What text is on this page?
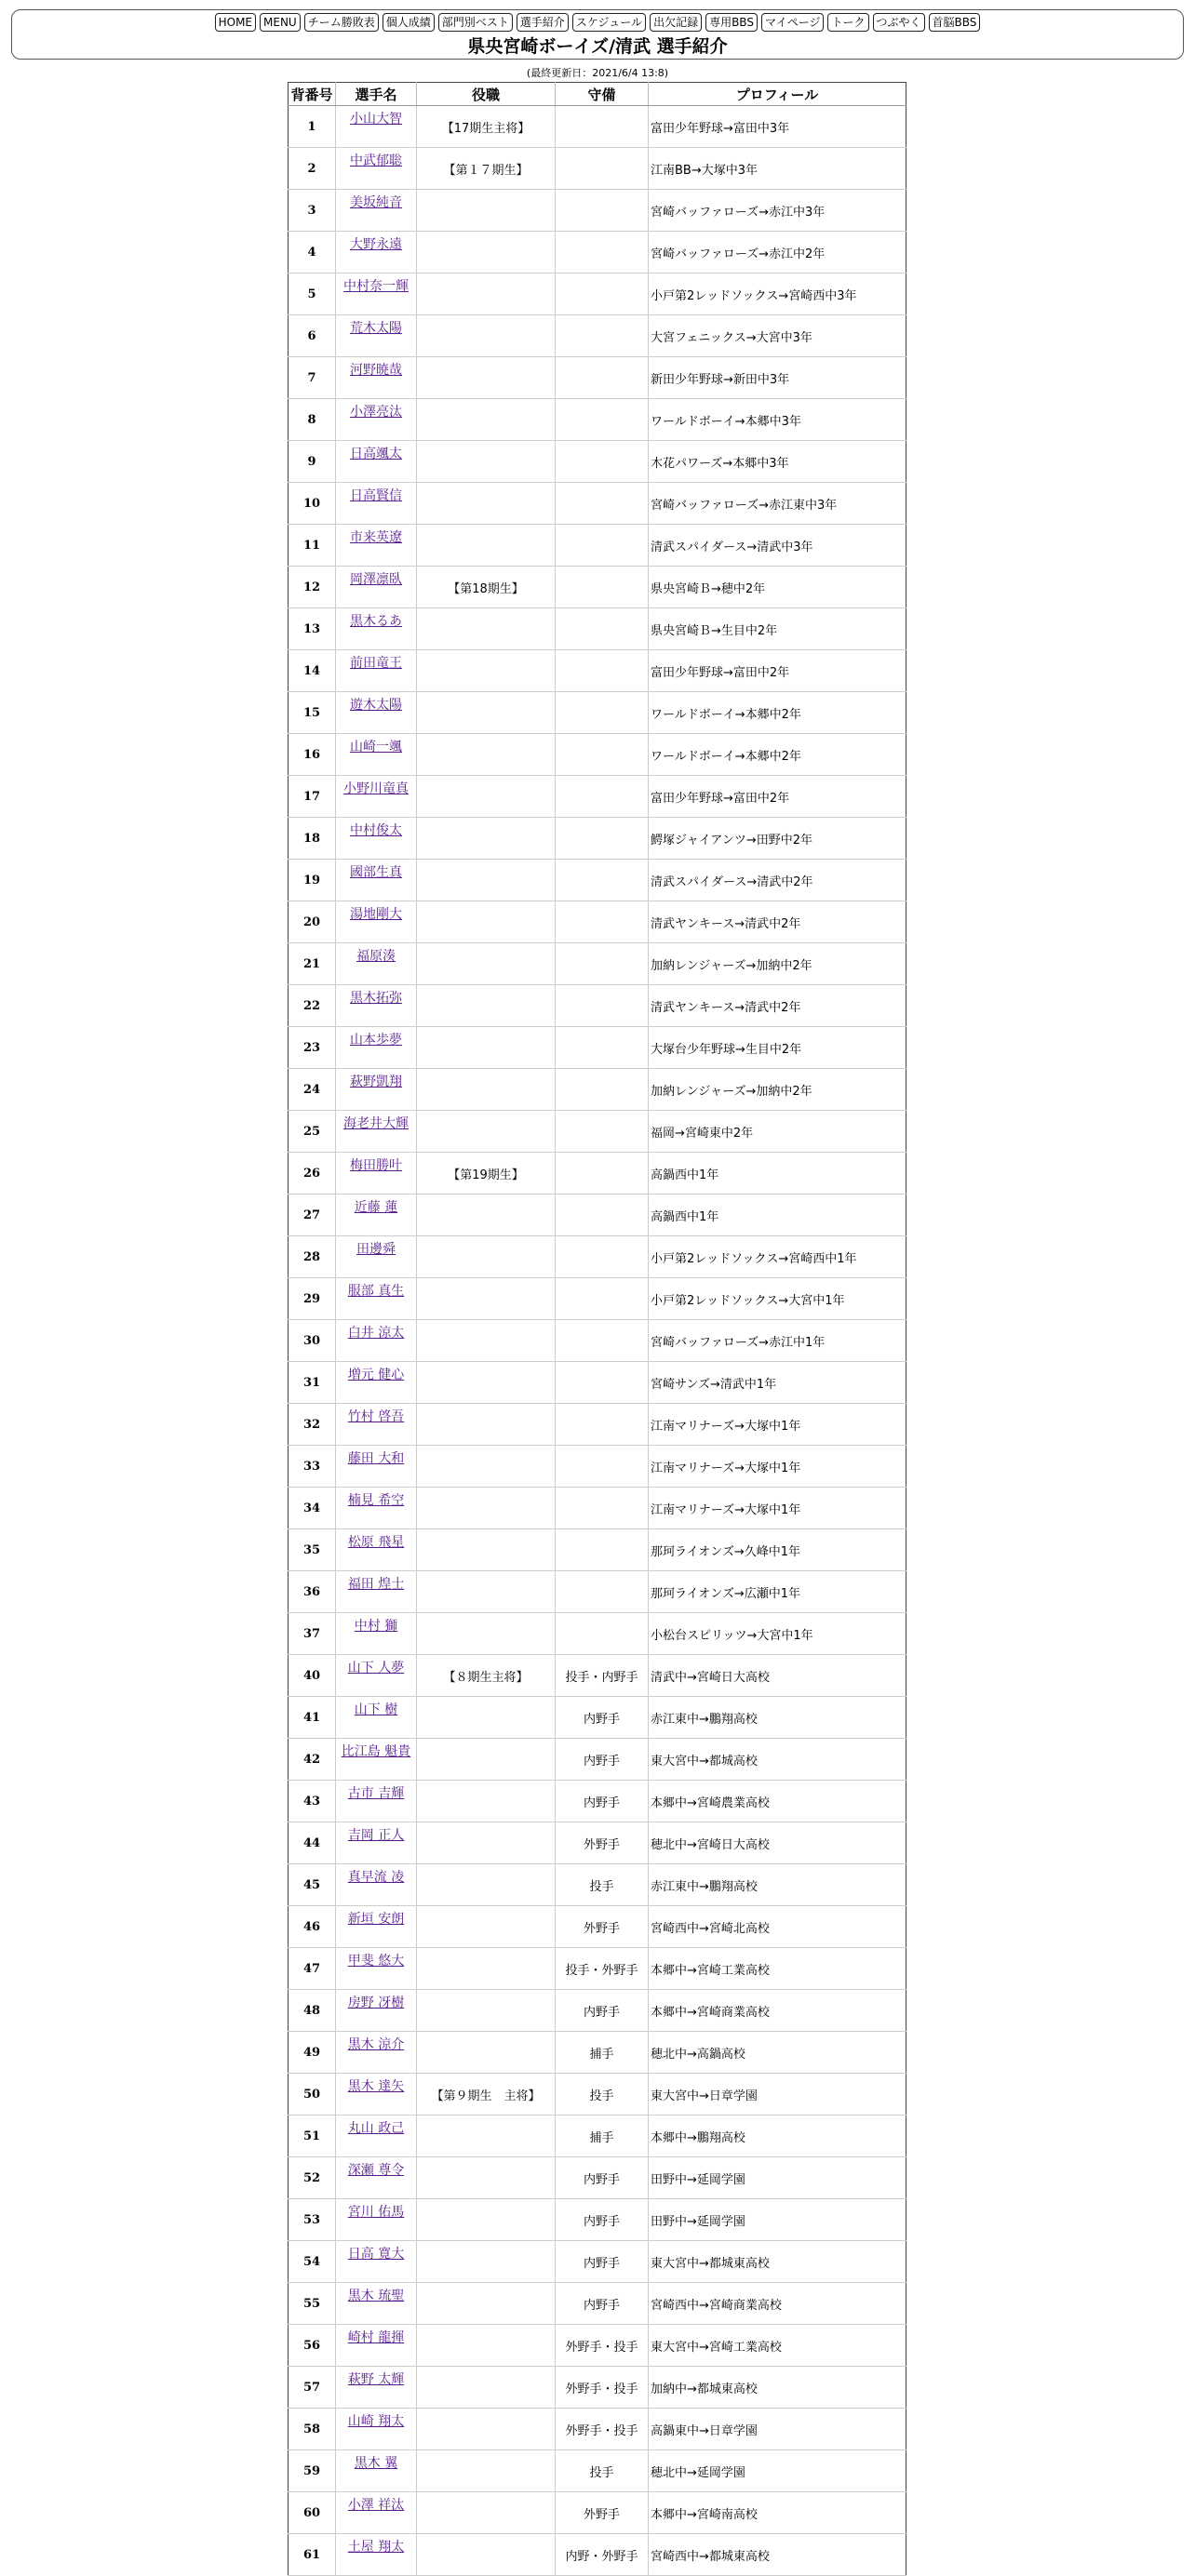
HOME MENU チーム勝敗表 個人成績 部門別ベスト 選手紹介 スケジュール 出欠記録 専用BBS マイページ トーク つぶやく 首脳BBS
県央宮崎ボーイズ/清武 選手紹介
(最終更新日：2021/6/4 13:8)
背番号	選手名	役職	守備	プロフィール
1	小山大智	【17期生主将】		富田少年野球→富田中3年
2	中武郁聡	【第１７期生】		江南BB→大塚中3年
3	美坂純音			宮崎バッファローズ→赤江中3年
4	大野永遠			宮崎バッファローズ→赤江中2年
5	中村奈一輝			小戸第2レッドソックス→宮崎西中3年
6	荒木太陽			大宮フェニックス→大宮中3年
7	河野暁哉			新田少年野球→新田中3年
8	小澤亮汰			ワールドボーイ→本郷中3年
9	日高颯太			木花パワーズ→本郷中3年
10	日高賢信			宮崎バッファローズ→赤江東中3年
11	市来英遼			清武スパイダース→清武中3年
12	岡澤凛臥	【第18期生】		県央宮崎Ｂ→穂中2年
13	黒木るあ			県央宮崎Ｂ→生目中2年
14	前田竜王			富田少年野球→富田中2年
15	遊木太陽			ワールドボーイ→本郷中2年
16	山崎一颯			ワールドボーイ→本郷中2年
17	小野川竜真			富田少年野球→富田中2年
18	中村俊太			鰐塚ジャイアンツ→田野中2年
19	國部生真			清武スパイダース→清武中2年
20	湯地剛大			清武ヤンキース→清武中2年
21	福原湊			加納レンジャーズ→加納中2年
22	黒木拓弥			清武ヤンキース→清武中2年
23	山本歩夢			大塚台少年野球→生目中2年
24	萩野凱翔			加納レンジャーズ→加納中2年
25	海老井大輝			福岡→宮崎東中2年
26	梅田勝叶	【第19期生】		高鍋西中1年
27	近藤 蓮			高鍋西中1年
28	田邊舜			小戸第2レッドソックス→宮崎西中1年
29	服部 真生			小戸第2レッドソックス→大宮中1年
30	白井 涼太			宮崎バッファローズ→赤江中1年
31	増元 健心			宮崎サンズ→清武中1年
32	竹村 啓吾			江南マリナーズ→大塚中1年
33	藤田 大和			江南マリナーズ→大塚中1年
34	楠見 希空			江南マリナーズ→大塚中1年
35	松原 飛星			那珂ライオンズ→久峰中1年
36	福田 煌士			那珂ライオンズ→広瀬中1年
37	中村 獅			小松台スピリッツ→大宮中1年
40	山下 人夢	【８期生主将】	投手・内野手	清武中→宮崎日大高校
41	山下 樹		内野手	赤江東中→鵬翔高校
42	比江島 魁貴		内野手	東大宮中→都城高校
43	古市 吉輝		内野手	本郷中→宮崎農業高校
44	吉岡 正人		外野手	穂北中→宮崎日大高校
45	真早流 凌		投手	赤江東中→鵬翔高校
46	新垣 安朗		外野手	宮崎西中→宮崎北高校
47	甲斐 悠大		投手・外野手	本郷中→宮崎工業高校
48	房野 冴樹		内野手	本郷中→宮崎商業高校
49	黒木 涼介		捕手	穂北中→高鍋高校
50	黒木 達矢	【第９期生　主将】	投手	東大宮中→日章学園
51	丸山 政己		捕手	本郷中→鵬翔高校
52	深瀬 尊令		内野手	田野中→延岡学園
53	宮川 佑馬		内野手	田野中→延岡学園
54	日高 寛大		内野手	東大宮中→都城東高校
55	黒木 琉聖		内野手	宮崎西中→宮崎商業高校
56	崎村 龍揮		外野手・投手	東大宮中→宮崎工業高校
57	萩野 太輝		外野手・投手	加納中→都城東高校
58	山崎 翔太		外野手・投手	高鍋東中→日章学園
59	黒木 翼		投手	穂北中→延岡学園
60	小澤 祥汰		外野手	本郷中→宮崎南高校
61	土屋 翔太		内野・外野手	宮崎西中→都城東高校
